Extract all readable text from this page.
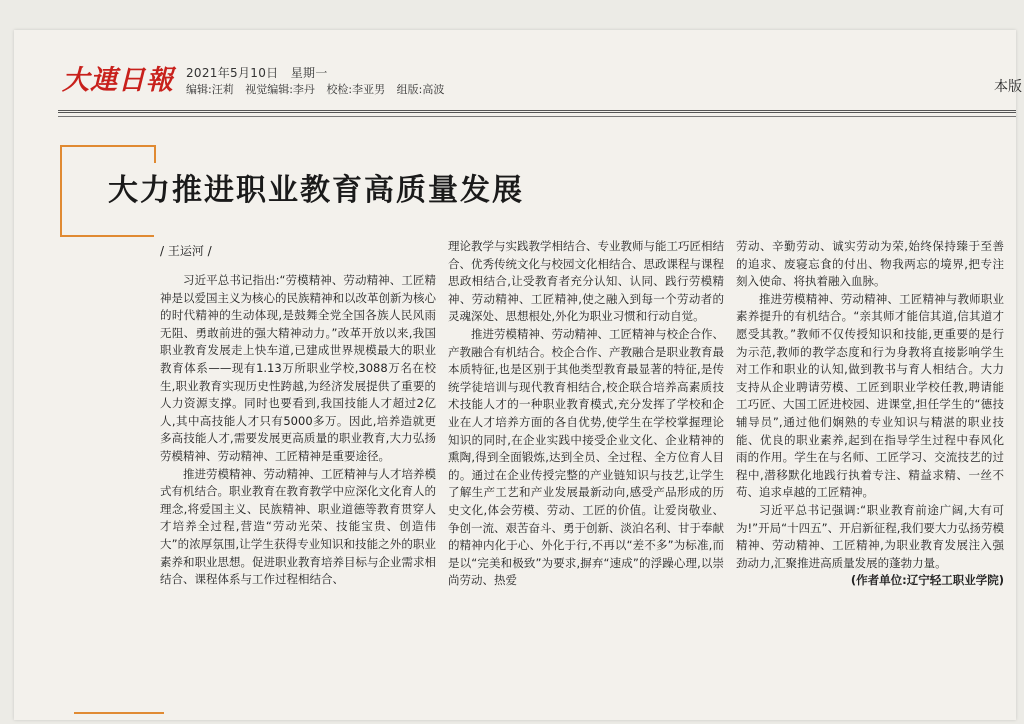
大連日報 2021年5月10日　星期一
编辑:汪莉 视觉编辑:李丹 校检:李亚男 组版:高波	本版
大力推进职业教育高质量发展
/ 王运河 /

习近平总书记指出:“劳模精神、劳动精神、工匠精神是以爱国主义为核心的民族精神和以改革创新为核心的时代精神的生动体现,是鼓舞全党全国各族人民风雨无阻、勇敢前进的强大精神动力。”改革开放以来,我国职业教育发展走上快车道,已建成世界规模最大的职业教育体系——现有1.13万所职业学校,3088万名在校生,职业教育实现历史性跨越,为经济发展提供了重要的人力资源支撑。同时也要看到,我国技能人才超过2亿人,其中高技能人才只有5000多万。因此,培养造就更多高技能人才,需要发展更高质量的职业教育,大力弘扬劳模精神、劳动精神、工匠精神是重要途径。

推进劳模精神、劳动精神、工匠精神与人才培养模式有机结合。职业教育在教育教学中应深化文化育人的理念,将爱国主义、民族精神、职业道德等教育贯穿人才培养全过程,营造“劳动光荣、技能宝贵、创造伟大”的浓厚氛围,让学生获得专业知识和技能之外的职业素养和职业思想。促进职业教育培养目标与企业需求相结合、课程体系与工作过程相结合、

理论教学与实践教学相结合、专业教师与能工巧匠相结合、优秀传统文化与校园文化相结合、思政课程与课程思政相结合,让受教育者充分认知、认同、践行劳模精神、劳动精神、工匠精神,使之融入到每一个劳动者的灵魂深处、思想根处,外化为职业习惯和行动自觉。

推进劳模精神、劳动精神、工匠精神与校企合作、产教融合有机结合。校企合作、产教融合是职业教育最本质特征,也是区别于其他类型教育最显著的特征,是传统学徒培训与现代教育相结合,校企联合培养高素质技术技能人才的一种职业教育模式,充分发挥了学校和企业在人才培养方面的各自优势,使学生在学校掌握理论知识的同时,在企业实践中接受企业文化、企业精神的熏陶,得到全面锻炼,达到全员、全过程、全方位育人目的。通过在企业传授完整的产业链知识与技艺,让学生了解生产工艺和产业发展最新动向,感受产品形成的历史文化,体会劳模、劳动、工匠的价值。让爱岗敬业、争创一流、艰苦奋斗、勇于创新、淡泊名利、甘于奉献的精神内化于心、外化于行,不再以“差不多”为标准,而是以“完美和极致”为要求,摒弃“速成”的浮躁心理,以崇尚劳动、热爱

劳动、辛勤劳动、诚实劳动为荣,始终保持臻于至善的追求、废寝忘食的付出、物我两忘的境界,把专注刻入使命、将执着融入血脉。

推进劳模精神、劳动精神、工匠精神与教师职业素养提升的有机结合。“亲其师才能信其道,信其道才愿受其教。”教师不仅传授知识和技能,更重要的是行为示范,教师的教学态度和行为身教将直接影响学生对工作和职业的认知,做到教书与育人相结合。大力支持从企业聘请劳模、工匠到职业学校任教,聘请能工巧匠、大国工匠进校园、进课堂,担任学生的“德技辅导员”,通过他们娴熟的专业知识与精湛的职业技能、优良的职业素养,起到在指导学生过程中春风化雨的作用。学生在与名师、工匠学习、交流技艺的过程中,潜移默化地践行执着专注、精益求精、一丝不苟、追求卓越的工匠精神。

习近平总书记强调:“职业教育前途广阔,大有可为!”开局“十四五”、开启新征程,我们要大力弘扬劳模精神、劳动精神、工匠精神,为职业教育发展注入强劲动力,汇聚推进高质量发展的蓬勃力量。

(作者单位:辽宁轻工职业学院)
